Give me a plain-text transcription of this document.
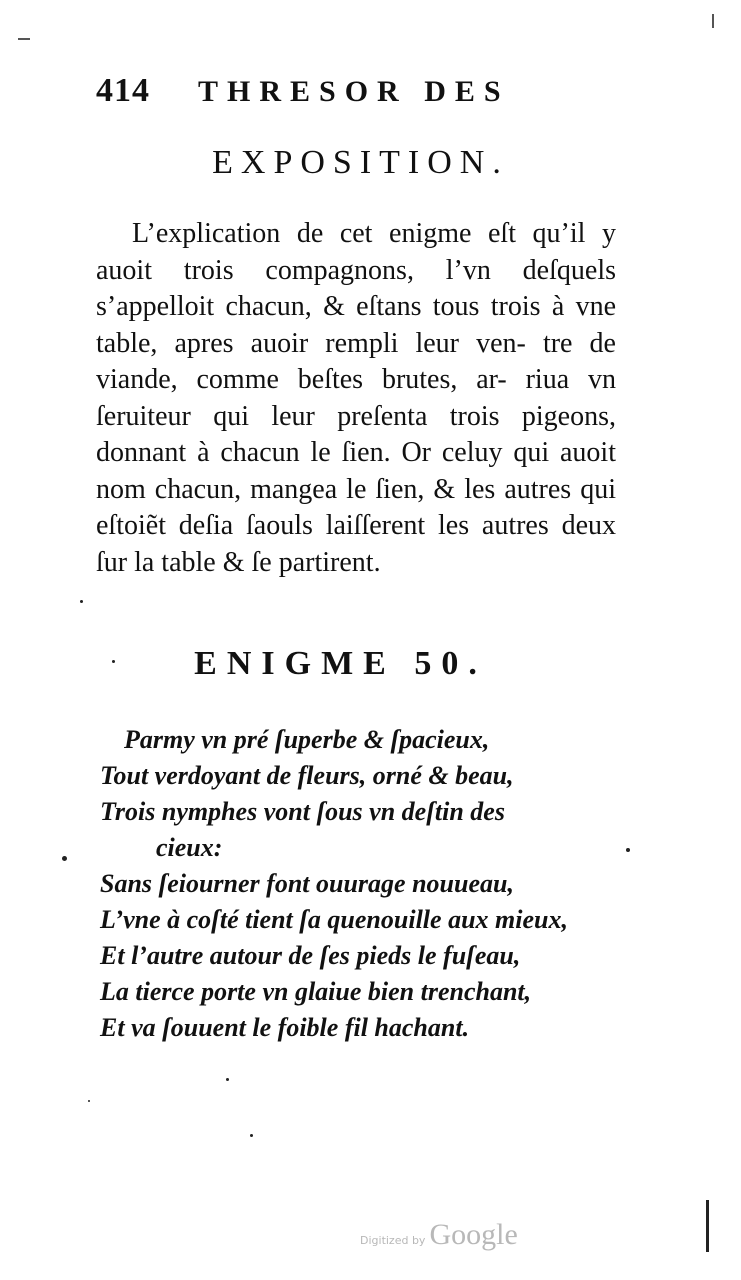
414 THRESOR DES
EXPOSITION.

L’explication de cet enigme eſt qu’il y auoit trois compagnons, l’vn deſquels s’appelloit chacun, & eſtans tous trois à vne table, apres auoir rempli leur ven- tre de viande, comme beſtes brutes, ar- riua vn ſeruiteur qui leur preſenta trois pigeons, donnant à chacun le ſien. Or celuy qui auoit nom chacun, mangea le ſien, & les autres qui eſtoiẽt deſia ſaouls laiſſerent les autres deux ſur la table & ſe partirent.

ENIGME 50.
Parmy vn pré ſuperbe & ſpacieux,
Tout verdoyant de fleurs, orné & beau,
Trois nymphes vont ſous vn deſtin des
cieux:
Sans ſeiourner font ouurage nouueau,
L’vne à coſté tient ſa quenouille aux mieux,
Et l’autre autour de ſes pieds le fuſeau,
La tierce porte vn glaiue bien trenchant,
Et va ſouuent le foible fil hachant.
Digitized by Google
